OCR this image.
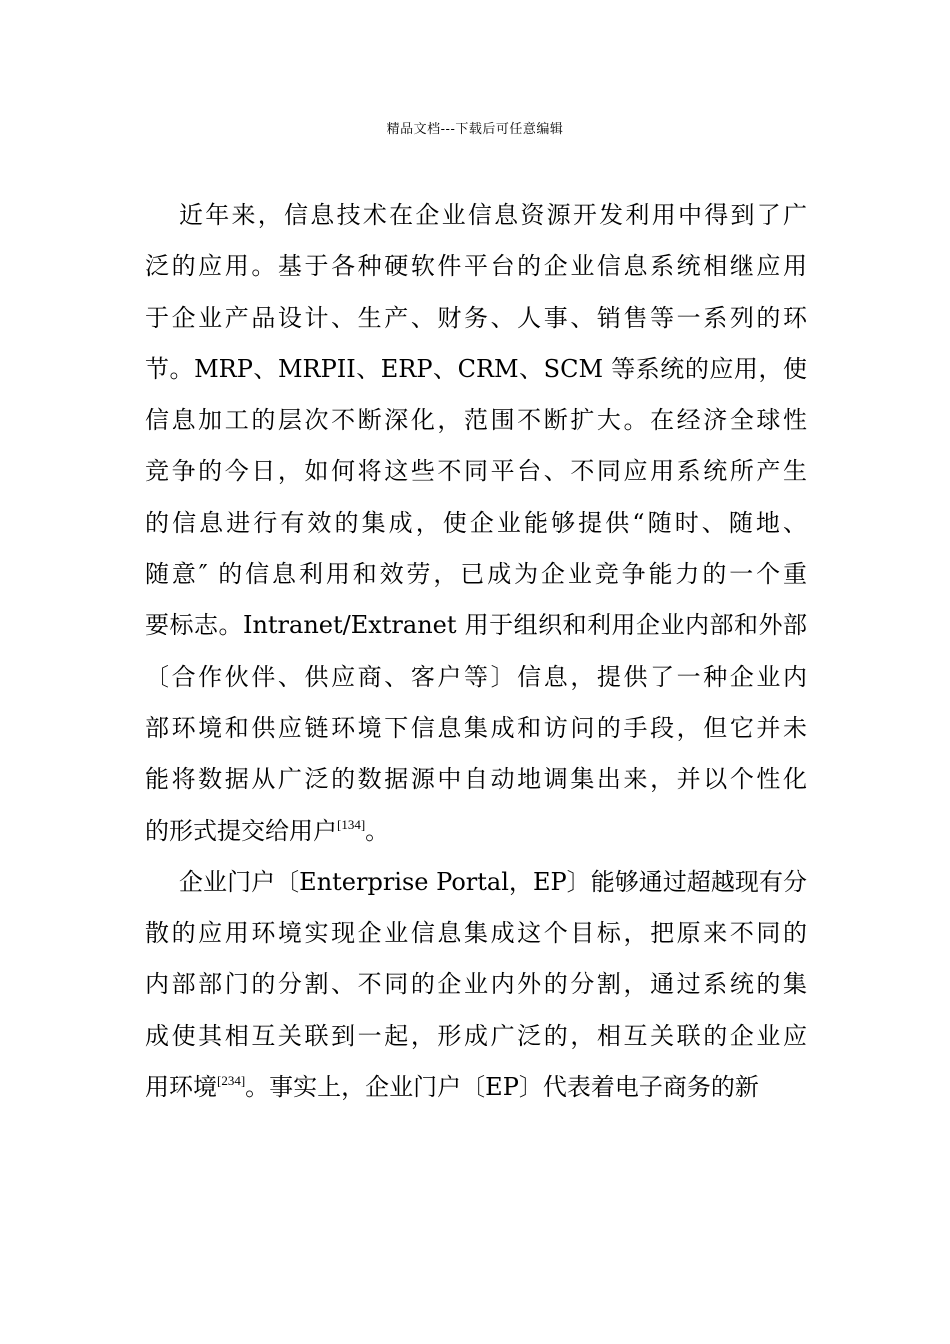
精品文档---下载后可任意编辑
近年来，信息技术在企业信息资源开发利用中得到了广
泛的应用。基于各种硬软件平台的企业信息系统相继应用
于企业产品设计、生产、财务、人事、销售等一系列的环
节。MRP、MRPII、ERP、CRM、SCM 等系统的应用，使
信息加工的层次不断深化，范围不断扩大。在经济全球性
竞争的今日，如何将这些不同平台、不同应用系统所产生
的信息进行有效的集成，使企业能够提供“随时、随地、
随意″ 的信息利用和效劳，已成为企业竞争能力的一个重
要标志。Intranet/Extranet 用于组织和利用企业内部和外部
〔合作伙伴、供应商、客户等〕信息，提供了一种企业内
部环境和供应链环境下信息集成和访问的手段，但它并未
能将数据从广泛的数据源中自动地调集出来，并以个性化
的形式提交给用户[134]。
企业门户〔Enterprise Portal，EP〕能够通过超越现有分
散的应用环境实现企业信息集成这个目标，把原来不同的
内部部门的分割、不同的企业内外的分割，通过系统的集
成使其相互关联到一起，形成广泛的，相互关联的企业应
用环境[234]。事实上，企业门户〔EP〕代表着电子商务的新
